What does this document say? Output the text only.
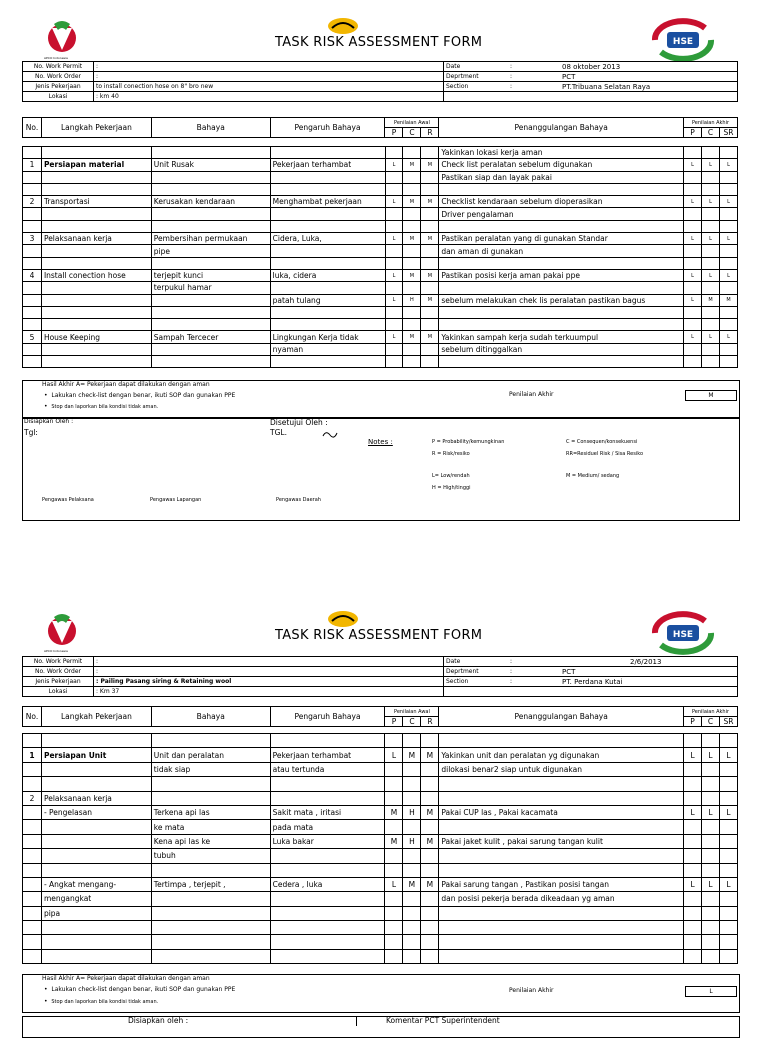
APCO Indonesia
TASK RISK ASSESSMENT FORM	HSE
No. Work Permit	:	Date	:	08 oktober 2013
No. Work Order	:	Deprtment	:	PCT
Jenis Pekerjaan	to install conection hose on 8" bro new	Section	:	PT.Tribuana Selatan Raya
Lokasi	: km 40			
No.	Langkah Pekerjaan	Bahaya	Pengaruh Bahaya	Penilaian Awal			Penanggulangan Bahaya	Penilaian Akhir		
				P	C	R		P	C	SR
							Yakinkan lokasi kerja aman			
1	Persiapan material	Unit Rusak	Pekerjaan terhambat	L	M	M	Check list peralatan sebelum digunakan	L	L	L
							Pastikan siap dan layak pakai			

2	Transportasi	Kerusakan kendaraan	Menghambat pekerjaan	L	M	M	Checklist kendaraan sebelum dioperasikan	L	L	L
							Driver pengalaman			

3	Pelaksanaan kerja	Pembersihan permukaan	Cidera, Luka,	L	M	M	Pastikan peralatan yang di gunakan Standar	L	L	L
		pipe					dan aman di gunakan			

4	Install conection hose	terjepit kunci	luka, cidera	L	M	M	Pastikan posisi kerja aman pakai ppe	L	L	L
		terpukul hamar								
			patah tulang	L	H	M	sebelum melakukan chek lis peralatan pastikan bagus	L	M	M

5	House Keeping	Sampah Tercecer	Lingkungan Kerja tidak	L	M	M	Yakinkan sampah kerja sudah terkuumpul	L	L	L
			nyaman				sebelum ditinggalkan			

Hasil Akhir A= Pekerjaan dapat dilakukan dengan aman
•  Lakukan check-list dengan benar, ikuti SOP dan gunakan PPE
•  Stop dan laporkan bila kondisi tidak aman.
Penilaian Akhir	M
Disiapkan Oleh :
Tgl:
Disetujui Oleh :
TGL.
Notes :	P = Probability/kemungkinan
R = Risk/resiko
C = Consequen/konsekuensi
RR=Residuel Risk / Sisa Resiko
L= Low/rendah
H = High/tinggi
M = Medium/ sedang
Pengawas Pelaksana	Pengawas Lapangan	Pengawas Daerah
APCO Indonesia
TASK RISK ASSESSMENT FORM	HSE
No. Work Permit	:	Date	:	2/6/2013
No. Work Order	:	Deprtment	:	PCT
Jenis Pekerjaan	: Pailing Pasang siring & Retaining wool	Section	:	PT. Perdana Kutai
Lokasi	: Km 37			
No.	Langkah Pekerjaan	Bahaya	Pengaruh Bahaya	Penilaian Awal			Penanggulangan Bahaya	Penilaian Akhir		
				P	C	R		P	C	SR

1	Persiapan Unit	Unit dan peralatan	Pekerjaan terhambat	L	M	M	Yakinkan unit dan peralatan yg digunakan	L	L	L
		tidak siap	atau tertunda				dilokasi benar2 siap untuk digunakan			

2	Pelaksanaan kerja									
	- Pengelasan	Terkena api las	Sakit mata , iritasi	M	H	M	Pakai CUP las , Pakai kacamata	L	L	L
		ke mata	pada mata							
		Kena api las ke	Luka bakar	M	H	M	Pakai jaket kulit , pakai sarung tangan kulit			
		tubuh								

	- Angkat mengang-	Tertimpa , terjepit ,	Cedera , luka	L	M	M	Pakai sarung tangan , Pastikan posisi tangan	L	L	L
	mengangkat						dan posisi pekerja berada dikeadaan yg aman			
	pipa									

Hasil Akhir A= Pekerjaan dapat dilakukan dengan aman
•  Lakukan check-list dengan benar, ikuti SOP dan gunakan PPE
•  Stop dan laporkan bila kondisi tidak aman.
Penilaian Akhir	L
Disiapkan oleh :	Komentar PCT Superintendent
